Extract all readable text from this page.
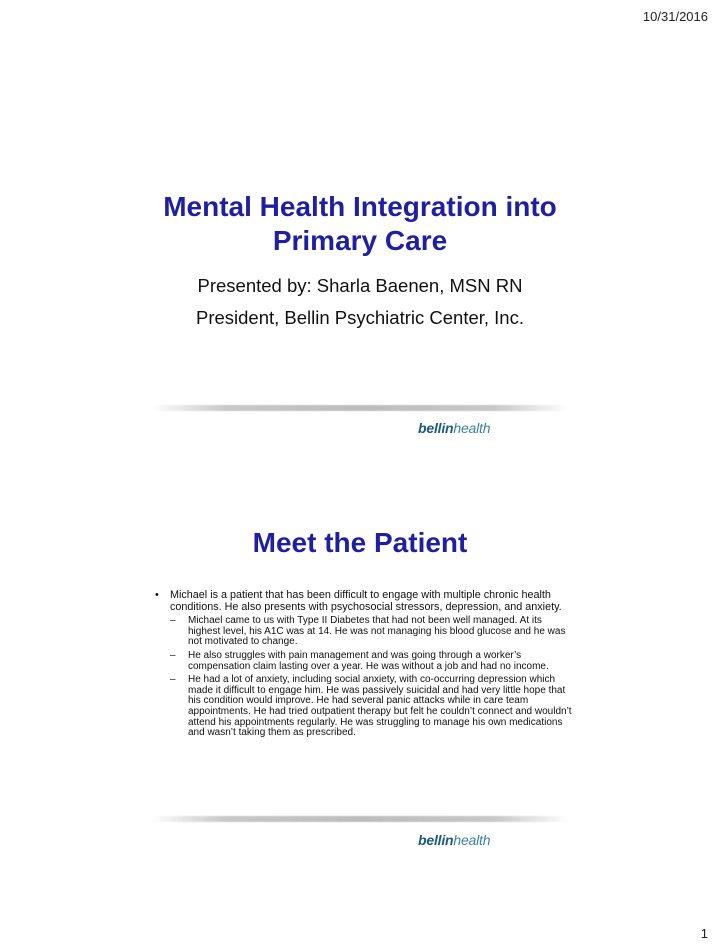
10/31/2016
Mental Health Integration into
Primary Care
Presented by: Sharla Baenen, MSN RN
President, Bellin Psychiatric Center, Inc.
bellinhealth
Meet the Patient
• Michael is a patient that has been difficult to engage with multiple chronic health conditions. He also presents with psychosocial stressors, depression, and anxiety.
– Michael came to us with Type II Diabetes that had not been well managed. At its highest level, his A1C was at 14. He was not managing his blood glucose and he was not motivated to change.
– He also struggles with pain management and was going through a worker’s compensation claim lasting over a year. He was without a job and had no income.
– He had a lot of anxiety, including social anxiety, with co-occurring depression which made it difficult to engage him. He was passively suicidal and had very little hope that his condition would improve. He had several panic attacks while in care team appointments. He had tried outpatient therapy but felt he couldn’t connect and wouldn’t attend his appointments regularly. He was struggling to manage his own medications and wasn’t taking them as prescribed.
bellinhealth
1
